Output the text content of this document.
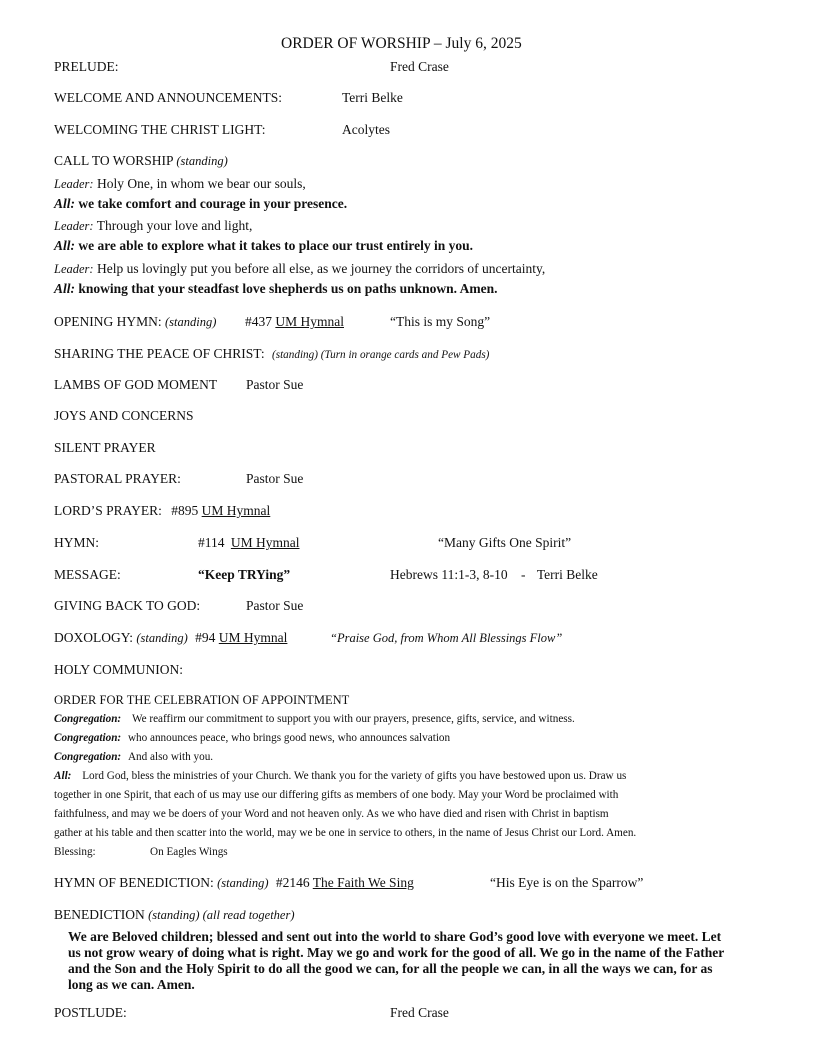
ORDER OF WORSHIP – July 6, 2025
PRELUDE:	Fred Crase
WELCOME AND ANNOUNCEMENTS:	Terri Belke
WELCOMING THE CHRIST LIGHT:	Acolytes
CALL TO WORSHIP (standing)
Leader: Holy One, in whom we bear our souls,
All: we take comfort and courage in your presence.
Leader: Through your love and light,
All: we are able to explore what it takes to place our trust entirely in you.
Leader: Help us lovingly put you before all else, as we journey the corridors of uncertainty,
All: knowing that your steadfast love shepherds us on paths unknown. Amen.
OPENING HYMN: (standing) #437 UM Hymnal	“This is my Song”
SHARING THE PEACE OF CHRIST: (standing) (Turn in orange cards and Pew Pads)
LAMBS OF GOD MOMENT Pastor Sue
JOYS AND CONCERNS
SILENT PRAYER
PASTORAL PRAYER:	Pastor Sue
LORD’S PRAYER: #895 UM Hymnal
HYMN:	#114 UM Hymnal	“Many Gifts One Spirit”
MESSAGE:	“Keep TRYing”	Hebrews 11:1-3, 8-10 - Terri Belke
GIVING BACK TO GOD:	Pastor Sue
DOXOLOGY: (standing) #94 UM Hymnal	“Praise God, from Whom All Blessings Flow”
HOLY COMMUNION:
ORDER FOR THE CELEBRATION OF APPOINTMENT
Congregation: We reaffirm our commitment to support you with our prayers, presence, gifts, service, and witness.
Congregation: who announces peace, who brings good news, who announces salvation
Congregation: And also with you.
All: Lord God, bless the ministries of your Church. We thank you for the variety of gifts you have bestowed upon us. Draw us
together in one Spirit, that each of us may use our differing gifts as members of one body. May your Word be proclaimed with
faithfulness, and may we be doers of your Word and not heaven only. As we who have died and risen with Christ in baptism
gather at his table and then scatter into the world, may we be one in service to others, in the name of Jesus Christ our Lord. Amen.
Blessing:	On Eagles Wings
HYMN OF BENEDICTION: (standing) #2146 The Faith We Sing	“His Eye is on the Sparrow”
BENEDICTION (standing) (all read together)
We are Beloved children; blessed and sent out into the world to share God’s good love with everyone we meet. Let
us not grow weary of doing what is right. May we go and work for the good of all. We go in the name of the Father
and the Son and the Holy Spirit to do all the good we can, for all the people we can, in all the ways we can, for as
long as we can. Amen.
POSTLUDE:	Fred Crase
